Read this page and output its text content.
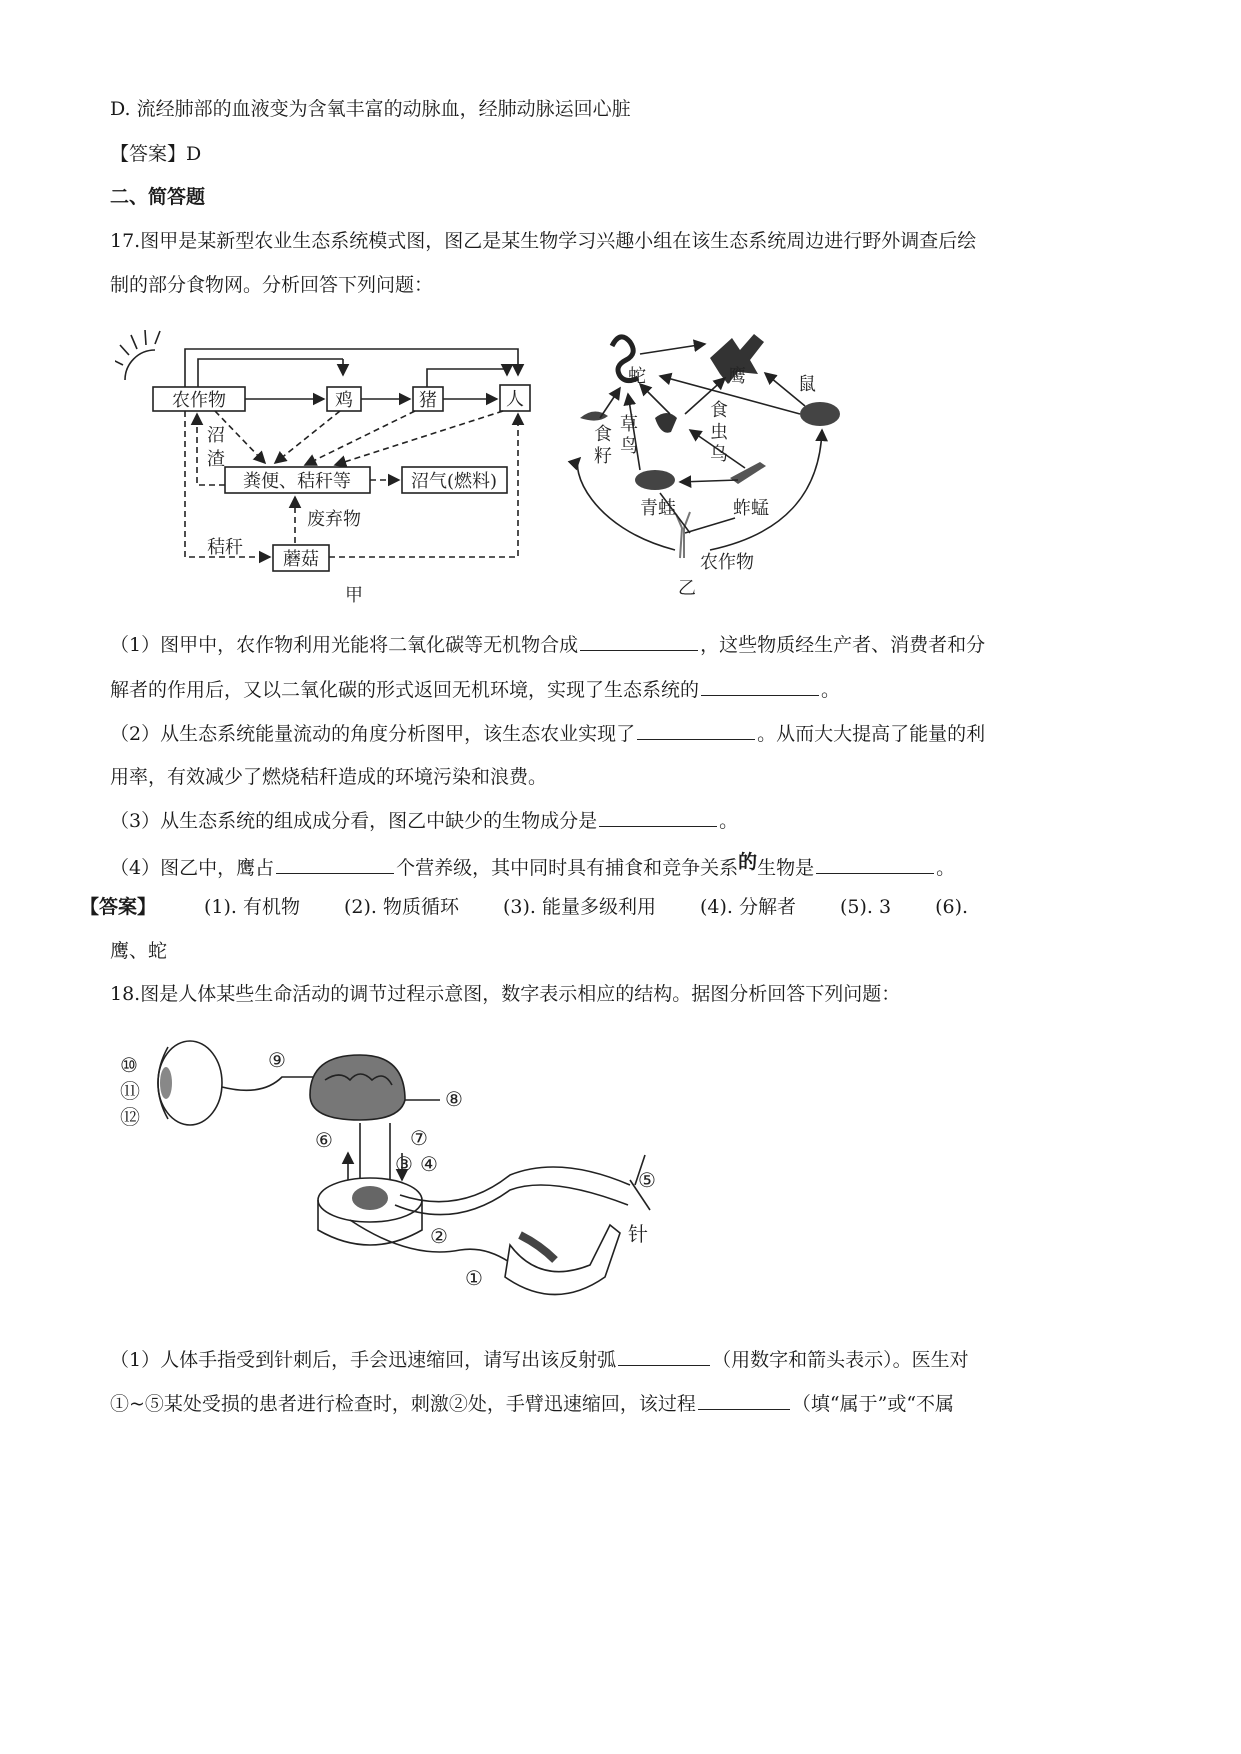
D. 流经肺部的血液变为含氧丰富的动脉血，经肺动脉运回心脏
【答案】D
二、简答题
17.图甲是某新型农业生态系统模式图，图乙是某生物学习兴趣小组在该生态系统周边进行野外调查后绘
制的部分食物网。分析回答下列问题：
农作物	鸡	猪	人
粪便、秸秆等	沼气(燃料)
沼
渣
废弃物
蘑菇
秸秆
甲
蛇	鹰	鼠
食
虫
鸟
食
籽
草
鸟
青蛙	蚱蜢
农作物
乙
（1）图甲中，农作物利用光能将二氧化碳等无机物合成	，这些物质经生产者、消费者和分
解者的作用后，又以二氧化碳的形式返回无机环境，实现了生态系统的	。
（2）从生态系统能量流动的角度分析图甲，该生态农业实现了	。从而大大提高了能量的利
用率，有效减少了燃烧秸秆造成的环境污染和浪费。
（3）从生态系统的组成成分看，图乙中缺少的生物成分是	。
（4）图乙中，鹰占	个营养级，其中同时具有捕食和竞争关系的生物是	。
【答案】	(1). 有机物 (2). 物质循环 (3). 能量多级利用 (4). 分解者 (5). 3 (6).
鹰、蛇
18.图是人体某些生命活动的调节过程示意图，数字表示相应的结构。据图分析回答下列问题：
⑩
⑪
⑫
⑨
⑧
⑥	⑦
③ ④
⑤
针
②
①
（1）人体手指受到针刺后，手会迅速缩回，请写出该反射弧	（用数字和箭头表示）。医生对
①~⑤某处受损的患者进行检查时，刺激②处，手臂迅速缩回，该过程	（填“属于”或“不属
